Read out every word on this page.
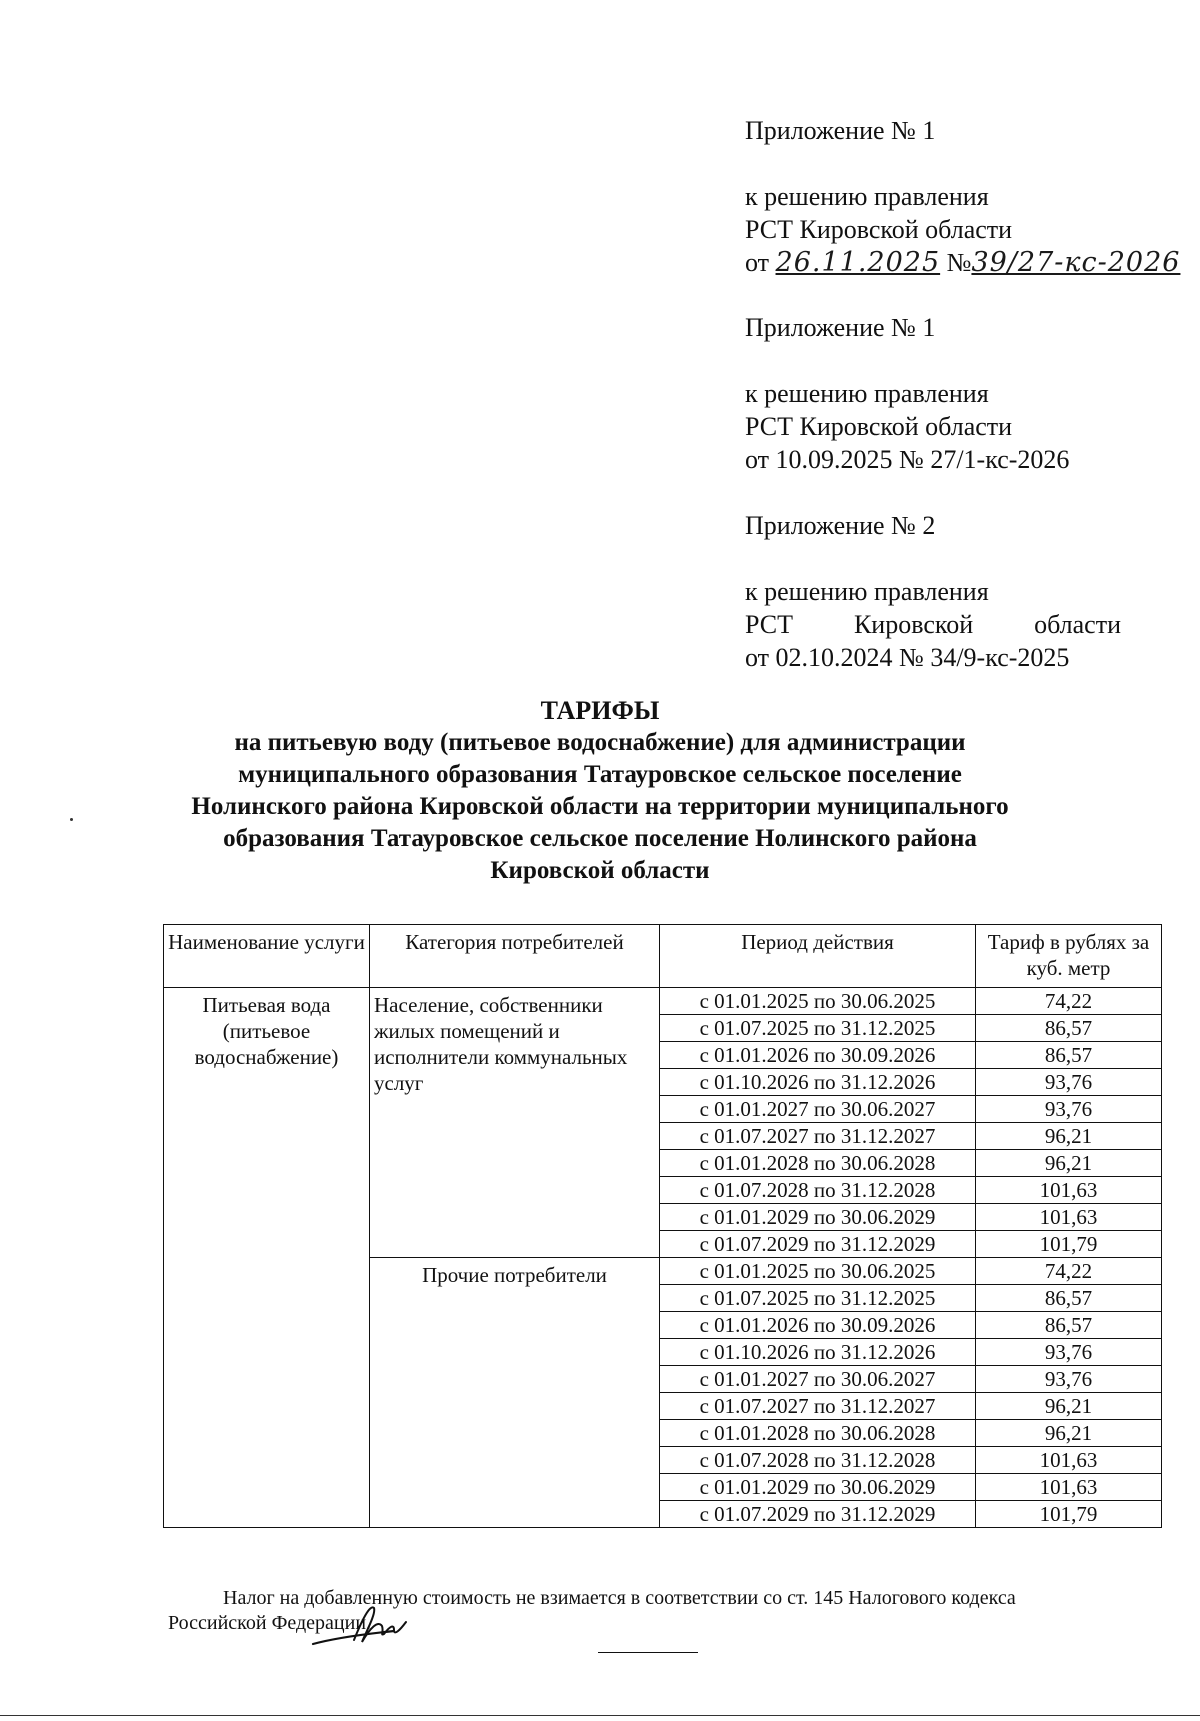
Приложение № 1
к решению правления
РСТ Кировской области
от 26.11.2025 №39/27-кс-2026
Приложение № 1
к решению правления
РСТ Кировской области
от 10.09.2025 № 27/1-кс-2026
Приложение № 2
к решению правления
РСТ Кировской области
от 02.10.2024 № 34/9-кс-2025
ТАРИФЫ
на питьевую воду (питьевое водоснабжение) для администрации
муниципального образования Татауровское сельское поселение
Нолинского района Кировской области на территории муниципального
образования Татауровское сельское поселение Нолинского района
Кировской области
Наименование услуги	Категория потребителей	Период действия	Тариф в рублях за куб. метр
Питьевая вода (питьевое водоснабжение)	Население, собственники жилых помещений и исполнители коммунальных услуг	с 01.01.2025 по 30.06.2025	74,22
		с 01.07.2025 по 31.12.2025	86,57
		с 01.01.2026 по 30.09.2026	86,57
		с 01.10.2026 по 31.12.2026	93,76
		с 01.01.2027 по 30.06.2027	93,76
		с 01.07.2027 по 31.12.2027	96,21
		с 01.01.2028 по 30.06.2028	96,21
		с 01.07.2028 по 31.12.2028	101,63
		с 01.01.2029 по 30.06.2029	101,63
		с 01.07.2029 по 31.12.2029	101,79
	Прочие потребители	с 01.01.2025 по 30.06.2025	74,22
		с 01.07.2025 по 31.12.2025	86,57
		с 01.01.2026 по 30.09.2026	86,57
		с 01.10.2026 по 31.12.2026	93,76
		с 01.01.2027 по 30.06.2027	93,76
		с 01.07.2027 по 31.12.2027	96,21
		с 01.01.2028 по 30.06.2028	96,21
		с 01.07.2028 по 31.12.2028	101,63
		с 01.01.2029 по 30.06.2029	101,63
		с 01.07.2029 по 31.12.2029	101,79
Налог на добавленную стоимость не взимается в соответствии со ст. 145 Налогового кодекса Российской Федерации.
